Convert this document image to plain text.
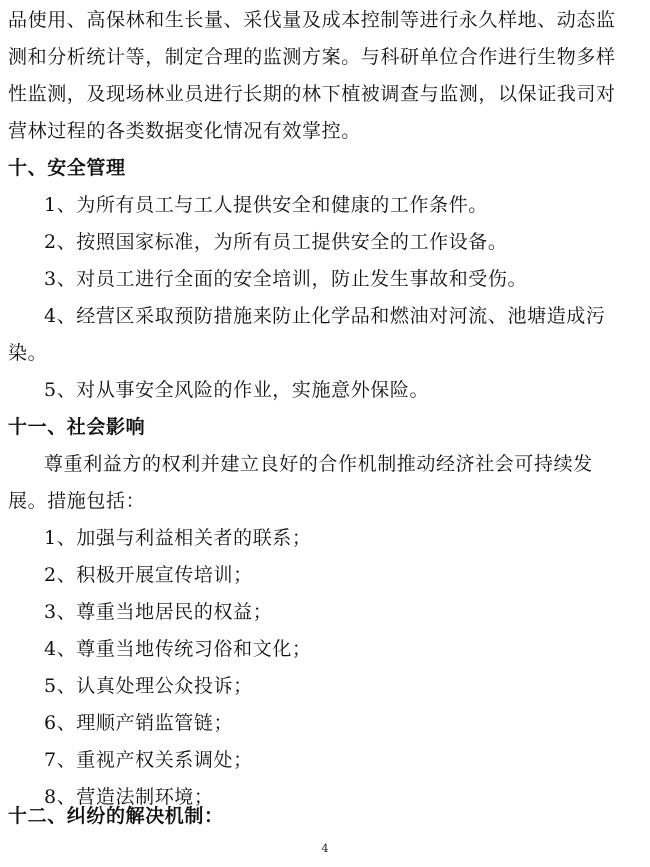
品使用、高保林和生长量、采伐量及成本控制等进行永久样地、动态监
测和分析统计等，制定合理的监测方案。与科研单位合作进行生物多样
性监测，及现场林业员进行长期的林下植被调查与监测，以保证我司对
营林过程的各类数据变化情况有效掌控。
十、安全管理
1、为所有员工与工人提供安全和健康的工作条件。
2、按照国家标准，为所有员工提供安全的工作设备。
3、对员工进行全面的安全培训，防止发生事故和受伤。
4、经营区采取预防措施来防止化学品和燃油对河流、池塘造成污
染。
5、对从事安全风险的作业，实施意外保险。
十一、社会影响
尊重利益方的权利并建立良好的合作机制推动经济社会可持续发
展。措施包括：
1、加强与利益相关者的联系；
2、积极开展宣传培训；
3、尊重当地居民的权益；
4、尊重当地传统习俗和文化；
5、认真处理公众投诉；
6、理顺产销监管链；
7、重视产权关系调处；
8、营造法制环境；
十二、纠纷的解决机制：
4
